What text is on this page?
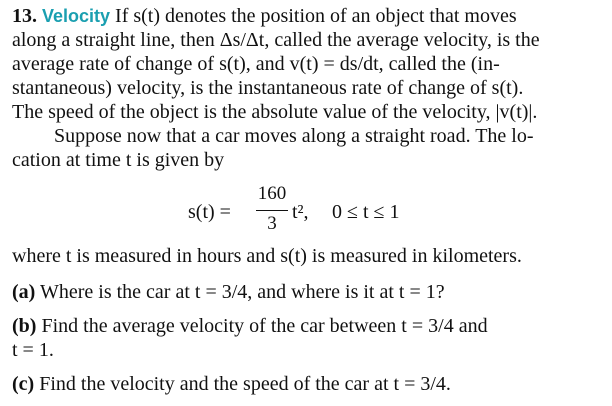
13. Velocity If s(t) denotes the position of an object that moves
along a straight line, then Δs/Δt, called the average velocity, is the
average rate of change of s(t), and v(t) = ds/dt, called the (in-
stantaneous) velocity, is the instantaneous rate of change of s(t).
The speed of the object is the absolute value of the velocity, |v(t)|.
Suppose now that a car moves along a straight road. The lo-
cation at time t is given by
s(t) =
160
3
t², 0 ≤ t ≤ 1
where t is measured in hours and s(t) is measured in kilometers.
(a) Where is the car at t = 3/4, and where is it at t = 1?
(b) Find the average velocity of the car between t = 3/4 and
t = 1.
(c) Find the velocity and the speed of the car at t = 3/4.
